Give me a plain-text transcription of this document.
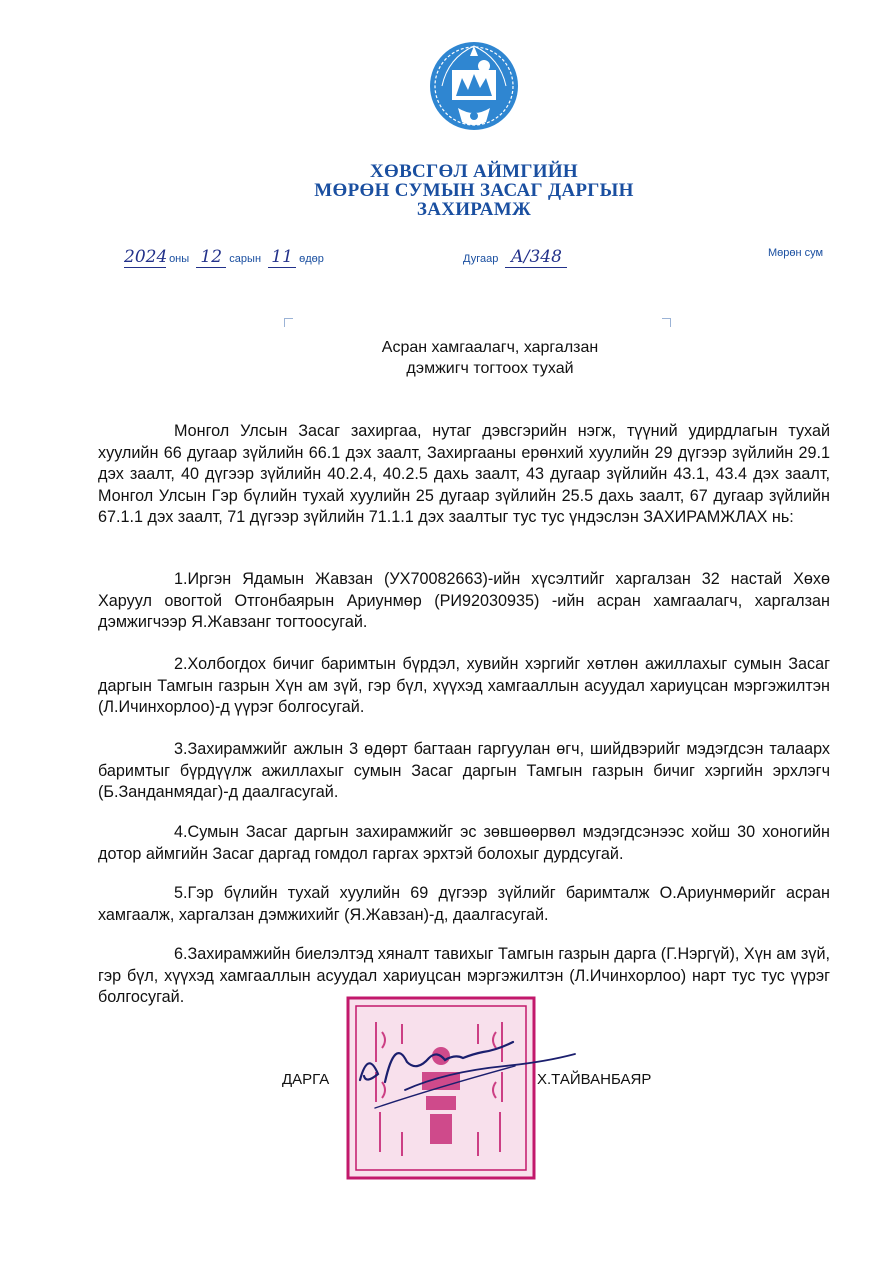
ХӨВСГӨЛ АЙМГИЙН
МӨРӨН СУМЫН ЗАСАГ ДАРГЫН
ЗАХИРАМЖ
2024 оны 12 сарын 11 өдөр	Дугаар А/348	Мөрөн сум
Асран хамгаалагч, харгалзан
дэмжигч тогтоох тухай

Монгол Улсын Засаг захиргаа, нутаг дэвсгэрийн нэгж, түүний удирдлагын тухай хуулийн 66 дугаар зүйлийн 66.1 дэх заалт, Захиргааны ерөнхий хуулийн 29 дүгээр зүйлийн 29.1 дэх заалт, 40 дүгээр зүйлийн 40.2.4, 40.2.5 дахь заалт, 43 дугаар зүйлийн 43.1, 43.4 дэх заалт, Монгол Улсын Гэр бүлийн тухай хуулийн 25 дугаар зүйлийн 25.5 дахь заалт, 67 дугаар зүйлийн 67.1.1 дэх заалт, 71 дүгээр зүйлийн 71.1.1 дэх заалтыг тус тус үндэслэн ЗАХИРАМЖЛАХ нь:

1.Иргэн Ядамын Жавзан (УХ70082663)-ийн хүсэлтийг харгалзан 32 настай Хөхө Харуул овогтой Отгонбаярын Ариунмөр (РИ92030935) -ийн асран хамгаалагч, харгалзан дэмжигчээр Я.Жавзанг тогтоосугай.

2.Холбогдох бичиг баримтын бүрдэл, хувийн хэргийг хөтлөн ажиллахыг сумын Засаг даргын Тамгын газрын Хүн ам зүй, гэр бүл, хүүхэд хамгааллын асуудал хариуцсан мэргэжилтэн (Л.Ичинхорлоо)-д үүрэг болгосугай.

3.Захирамжийг ажлын 3 өдөрт багтаан гаргуулан өгч, шийдвэрийг мэдэгдсэн талаарх баримтыг бүрдүүлж ажиллахыг сумын Засаг даргын Тамгын газрын бичиг хэргийн эрхлэгч (Б.Занданмядаг)-д даалгасугай.

4.Сумын Засаг даргын захирамжийг эс зөвшөөрвөл мэдэгдсэнээс хойш 30 хоногийн дотор аймгийн Засаг даргад гомдол гаргах эрхтэй болохыг дурдсугай.

5.Гэр бүлийн тухай хуулийн 69 дүгээр зүйлийг баримталж О.Ариунмөрийг асран хамгаалж, харгалзан дэмжихийг (Я.Жавзан)-д, даалгасугай.

6.Захирамжийн биелэлтэд хяналт тавихыг Тамгын газрын дарга (Г.Нэргүй), Хүн ам зүй, гэр бүл, хүүхэд хамгааллын асуудал хариуцсан мэргэжилтэн (Л.Ичинхорлоо) нарт тус тус үүрэг болгосугай.

ДАРГА	Х.ТАЙВАНБАЯР
